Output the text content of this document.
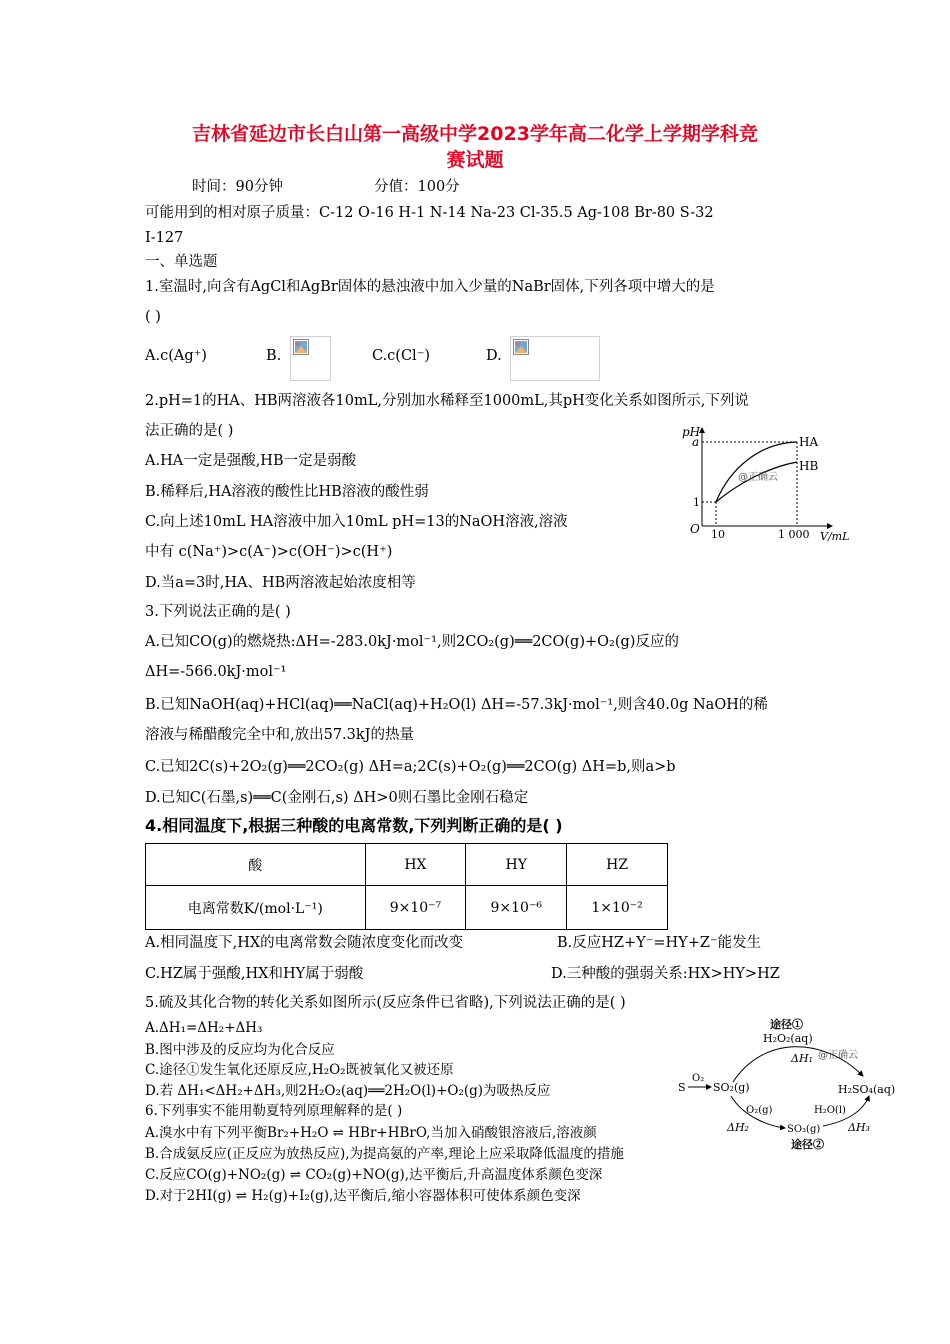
吉林省延边市长白山第一高级中学2023学年高二化学上学期学科竞
赛试题
时间：90分钟	分值：100分
可能用到的相对原子质量：C-12 O-16 H-1 N-14 Na-23 Cl-35.5 Ag-108 Br-80 S-32
I-127
一、单选题
1.室温时,向含有AgCl和AgBr固体的悬浊液中加入少量的NaBr固体,下列各项中增大的是
( )
A.c(Ag⁺)	B.	C.c(Cl⁻)	D.
2.pH=1的HA、HB两溶液各10mL,分别加水稀释至1000mL,其pH变化关系如图所示,下列说
法正确的是( )
A.HA一定是强酸,HB一定是弱酸
B.稀释后,HA溶液的酸性比HB溶液的酸性弱
C.向上述10mL HA溶液中加入10mL pH=13的NaOH溶液,溶液
中有 c(Na⁺)>c(A⁻)>c(OH⁻)>c(H⁺)
D.当a=3时,HA、HB两溶液起始浓度相等
pH
V/mL
O
a
1
10	1 000
HA
HB
@正确云
3.下列说法正确的是( )
A.已知CO(g)的燃烧热:ΔH=-283.0kJ·mol⁻¹,则2CO₂(g)══2CO(g)+O₂(g)反应的
ΔH=-566.0kJ·mol⁻¹
B.已知NaOH(aq)+HCl(aq)══NaCl(aq)+H₂O(l) ΔH=-57.3kJ·mol⁻¹,则含40.0g NaOH的稀
溶液与稀醋酸完全中和,放出57.3kJ的热量
C.已知2C(s)+2O₂(g)══2CO₂(g) ΔH=a;2C(s)+O₂(g)══2CO(g) ΔH=b,则a>b
D.已知C(石墨,s)══C(金刚石,s) ΔH>0则石墨比金刚石稳定
4.相同温度下,根据三种酸的电离常数,下列判断正确的是( )
酸	HX	HY	HZ
电离常数K/(mol·L⁻¹)	9×10⁻⁷	9×10⁻⁶	1×10⁻²
A.相同温度下,HX的电离常数会随浓度变化而改变	B.反应HZ+Y⁻=HY+Z⁻能发生
C.HZ属于强酸,HX和HY属于弱酸	D.三种酸的强弱关系:HX>HY>HZ
5.硫及其化合物的转化关系如图所示(反应条件已省略),下列说法正确的是( )
A.ΔH₁=ΔH₂+ΔH₃
B.图中涉及的反应均为化合反应
C.途径①发生氧化还原反应,H₂O₂既被氧化又被还原
D.若 ΔH₁<ΔH₂+ΔH₃,则2H₂O₂(aq)══2H₂O(l)+O₂(g)为吸热反应
6.下列事实不能用勒夏特列原理解释的是( )
A.溴水中有下列平衡Br₂+H₂O ⇌ HBr+HBrO,当加入硝酸银溶液后,溶液颜
B.合成氨反应(正反应为放热反应),为提高氨的产率,理论上应采取降低温度的措施
C.反应CO(g)+NO₂(g) ⇌ CO₂(g)+NO(g),达平衡后,升高温度体系颜色变深
D.对于2HI(g) ⇌ H₂(g)+I₂(g),达平衡后,缩小容器体积可使体系颜色变深
途径①
H₂O₂(aq)
ΔH₁ @正确云
S
O₂
SO₂(g)	H₂SO₄(aq)
O₂(g)
SO₃(g)
H₂O(l)
ΔH₂	ΔH₃
途径②
